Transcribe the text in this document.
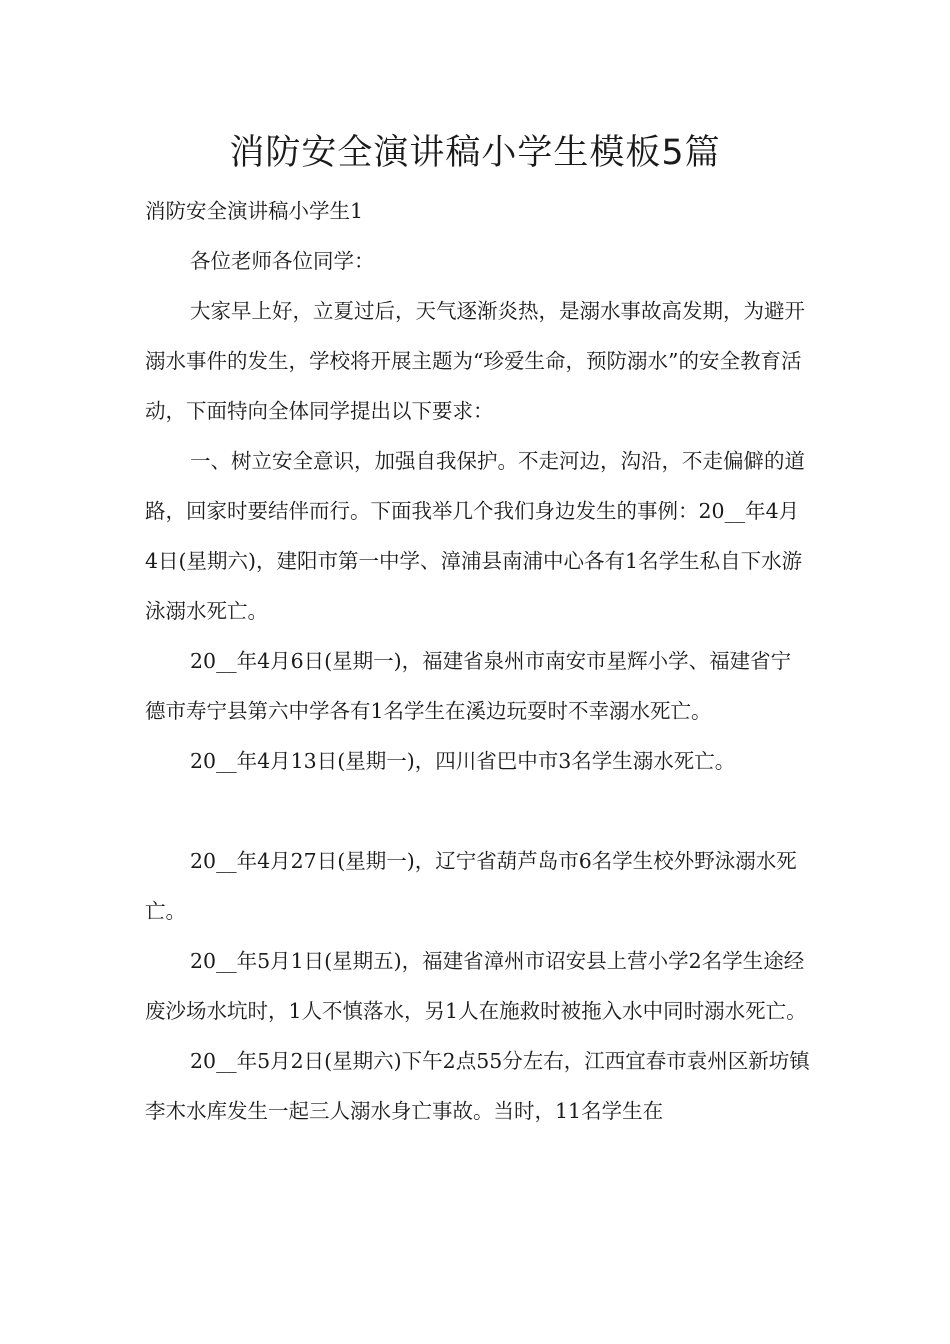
消防安全演讲稿小学生模板5篇

消防安全演讲稿小学生1

各位老师各位同学：

大家早上好，立夏过后，天气逐渐炎热，是溺水事故高发期，为避开溺水事件的发生，学校将开展主题为“珍爱生命，预防溺水”的安全教育活动，下面特向全体同学提出以下要求：

一、树立安全意识，加强自我保护。不走河边，沟沿，不走偏僻的道路，回家时要结伴而行。下面我举几个我们身边发生的事例：20__年4月4日(星期六)，建阳市第一中学、漳浦县南浦中心各有1名学生私自下水游泳溺水死亡。

20__年4月6日(星期一)，福建省泉州市南安市星辉小学、福建省宁德市寿宁县第六中学各有1名学生在溪边玩耍时不幸溺水死亡。

20__年4月13日(星期一)，四川省巴中市3名学生溺水死亡。

20__年4月27日(星期一)，辽宁省葫芦岛市6名学生校外野泳溺水死亡。

20__年5月1日(星期五)，福建省漳州市诏安县上营小学2名学生途经废沙场水坑时，1人不慎落水，另1人在施救时被拖入水中同时溺水死亡。

20__年5月2日(星期六)下午2点55分左右，江西宜春市袁州区新坊镇李木水库发生一起三人溺水身亡事故。当时，11名学生在
